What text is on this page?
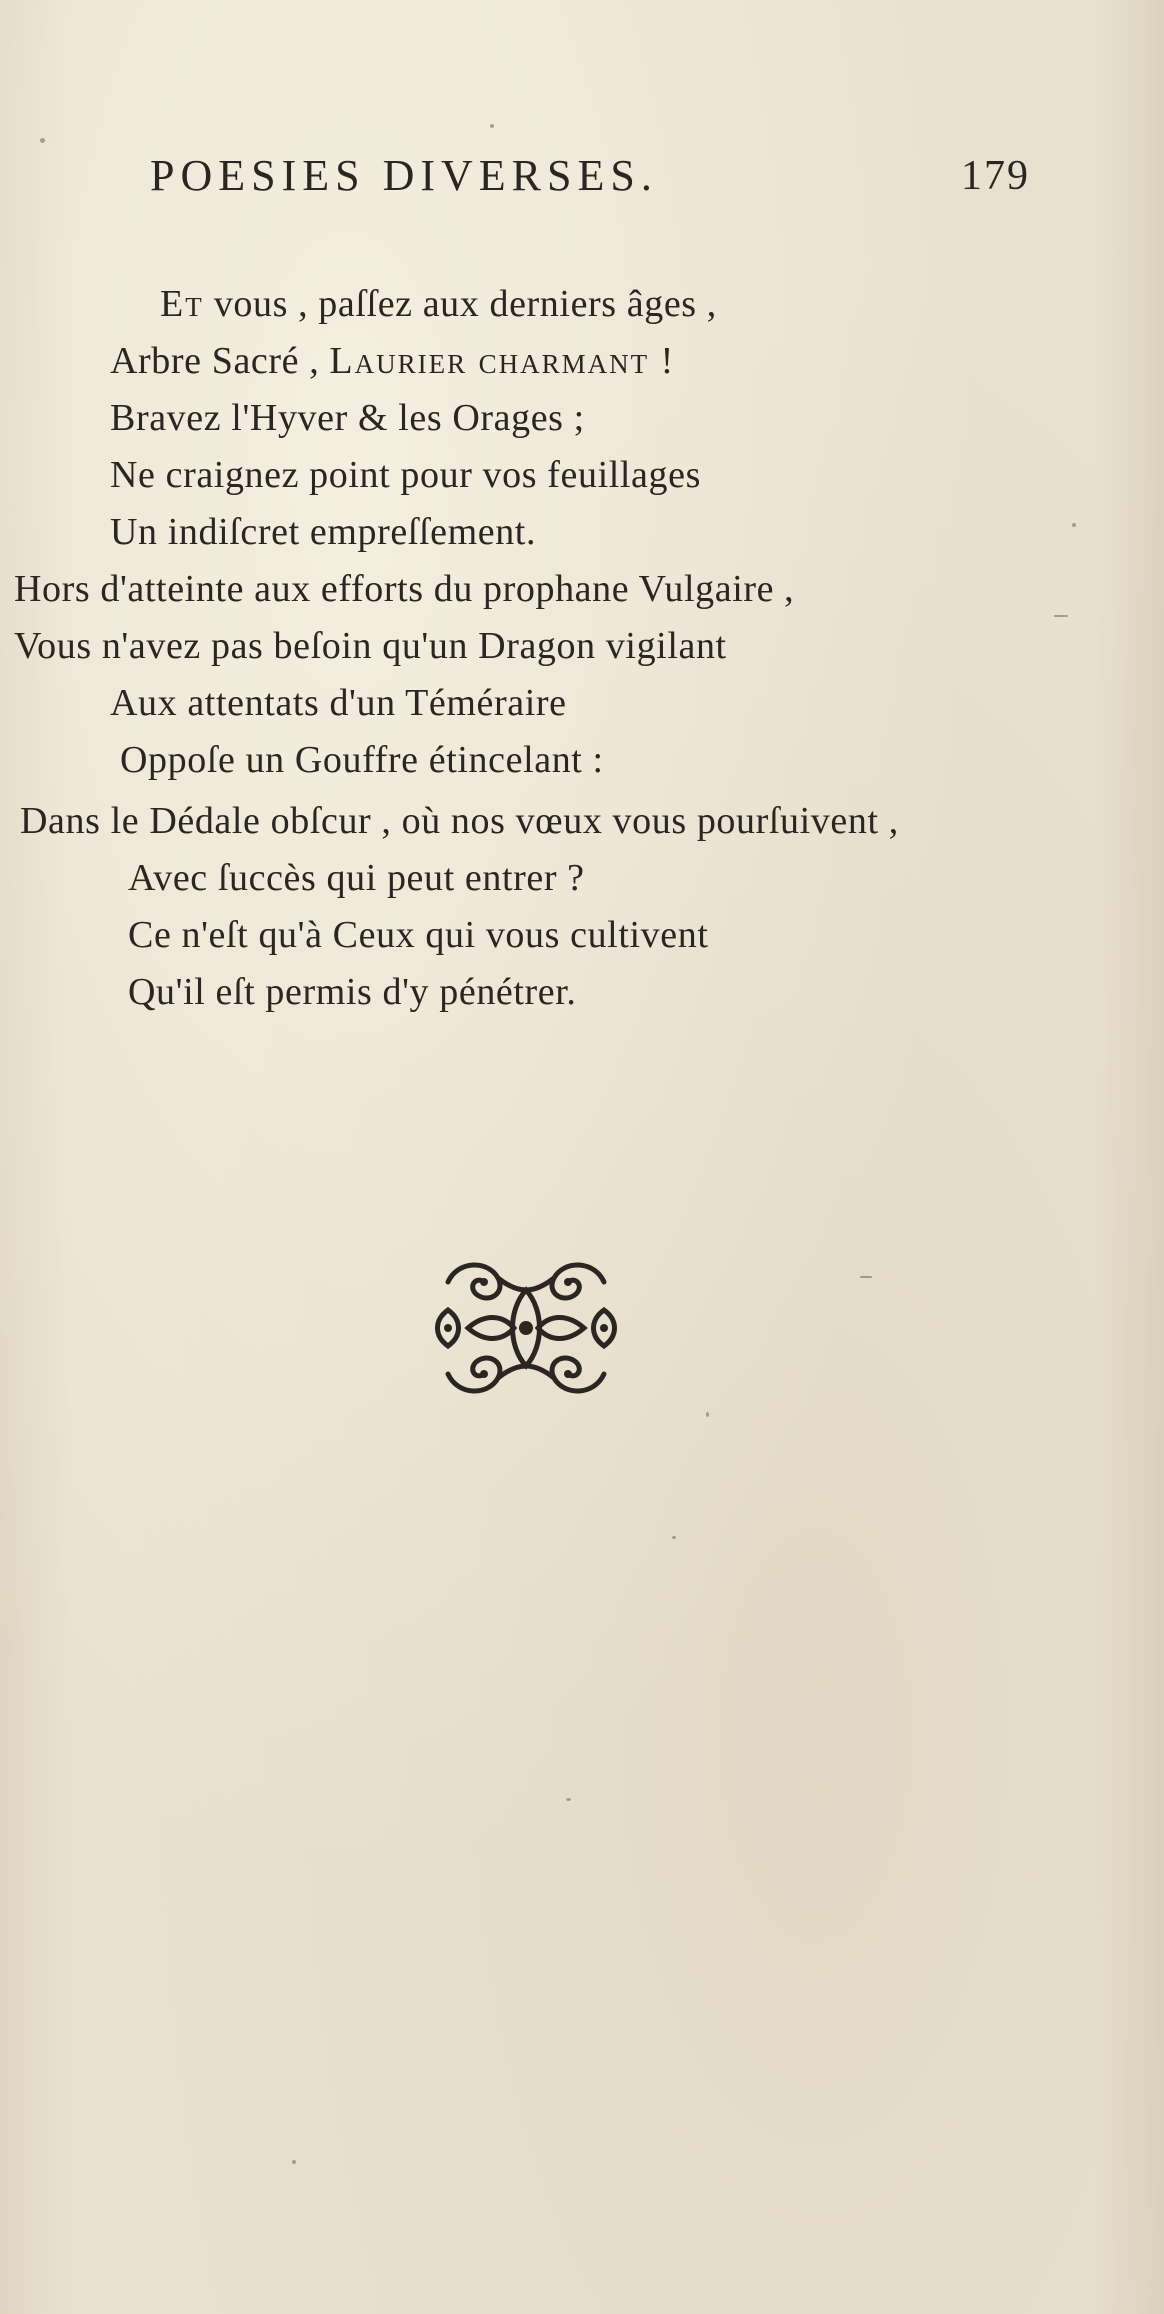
POESIES DIVERSES.	179
Et vous , paſſez aux derniers âges ,
Arbre Sacré , Laurier charmant !
Bravez l'Hyver & les Orages ;
Ne craignez point pour vos feuillages
Un indiſcret empreſſement.
Hors d'atteinte aux efforts du prophane Vulgaire ,
Vous n'avez pas beſoin qu'un Dragon vigilant
Aux attentats d'un Téméraire
Oppoſe un Gouffre étincelant :
Dans le Dédale obſcur , où nos vœux vous pourſuivent ,
Avec ſuccès qui peut entrer ?
Ce n'eſt qu'à Ceux qui vous cultivent
Qu'il eſt permis d'y pénétrer.
